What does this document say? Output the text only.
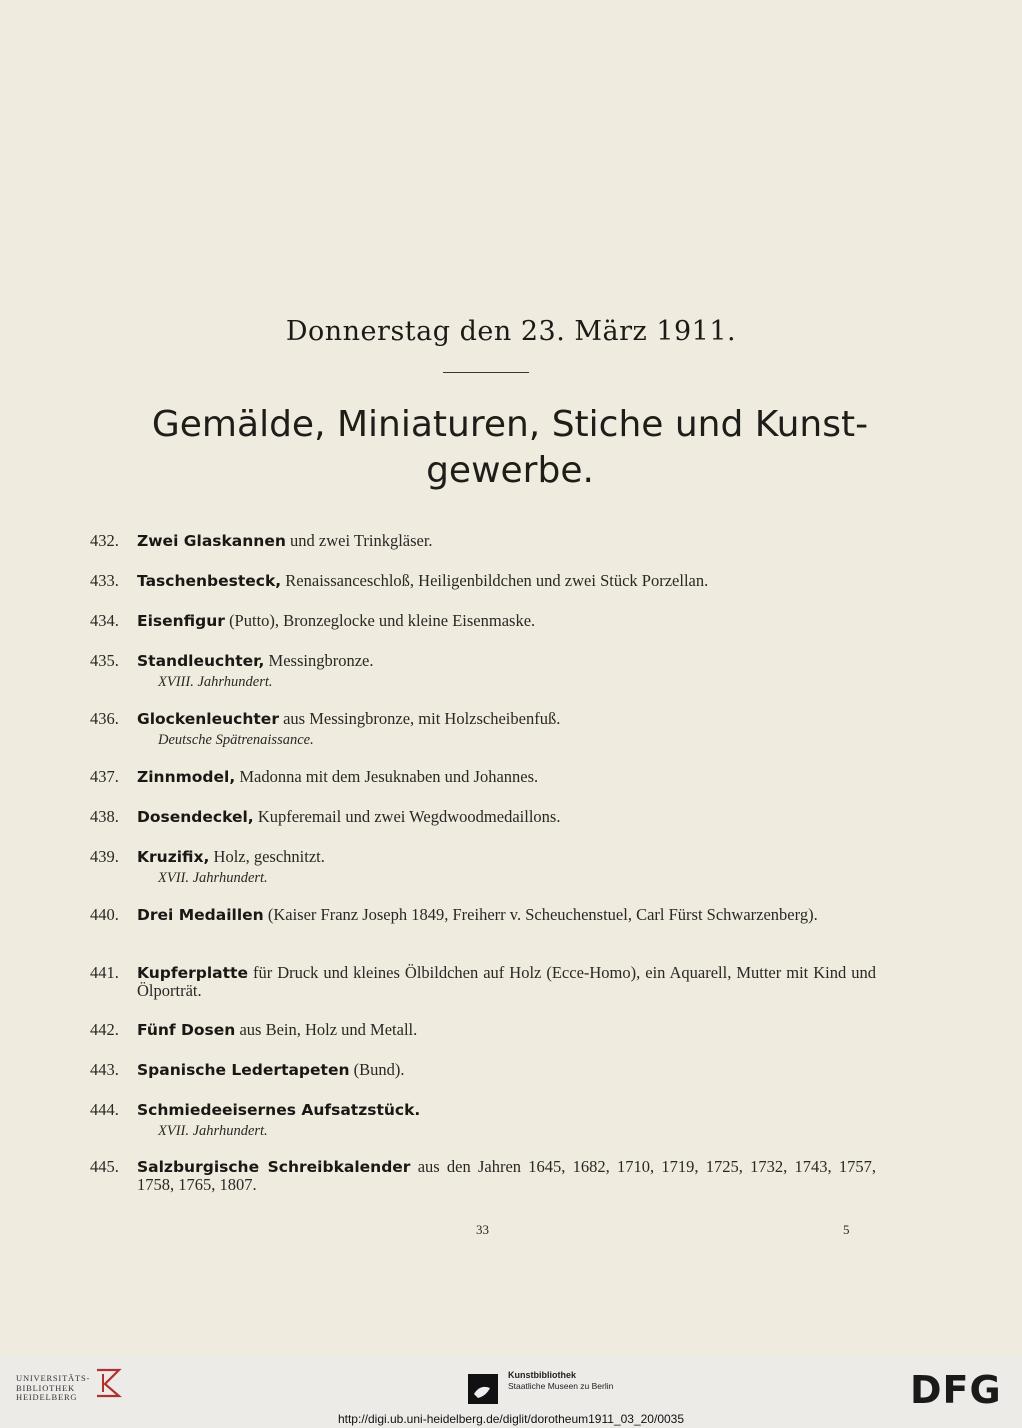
Donnerstag den 23. März 1911.
Gemälde, Miniaturen, Stiche und Kunst-gewerbe.
432.	Zwei Glaskannen und zwei Trinkgläser.
433.	Taschenbesteck, Renaissanceschloß, Heiligenbildchen und zwei Stück Porzellan.
434.	Eisenfigur (Putto), Bronzeglocke und kleine Eisenmaske.
435.	Standleuchter, Messingbronze.
XVIII. Jahrhundert.
436.	Glockenleuchter aus Messingbronze, mit Holzscheibenfuß.
Deutsche Spätrenaissance.
437.	Zinnmodel, Madonna mit dem Jesuknaben und Johannes.
438.	Dosendeckel, Kupferemail und zwei Wegdwoodmedaillons.
439.	Kruzifix, Holz, geschnitzt.
XVII. Jahrhundert.
440.	Drei Medaillen (Kaiser Franz Joseph 1849, Freiherr v. Scheuchenstuel, Carl Fürst Schwarzenberg).
441.	Kupferplatte für Druck und kleines Ölbildchen auf Holz (Ecce-Homo), ein Aquarell, Mutter mit Kind und Ölporträt.
442.	Fünf Dosen aus Bein, Holz und Metall.
443.	Spanische Ledertapeten (Bund).
444.	Schmiedeeisernes Aufsatzstück.
XVII. Jahrhundert.
445.	Salzburgische Schreibkalender aus den Jahren 1645, 1682, 1710, 1719, 1725, 1732, 1743, 1757, 1758, 1765, 1807.
33	5
UNIVERSITÄTS-
BIBLIOTHEK
HEIDELBERG
Kunstbibliothek
Staatliche Museen zu Berlin	DFG
http://digi.ub.uni-heidelberg.de/diglit/dorotheum1911_03_20/0035
